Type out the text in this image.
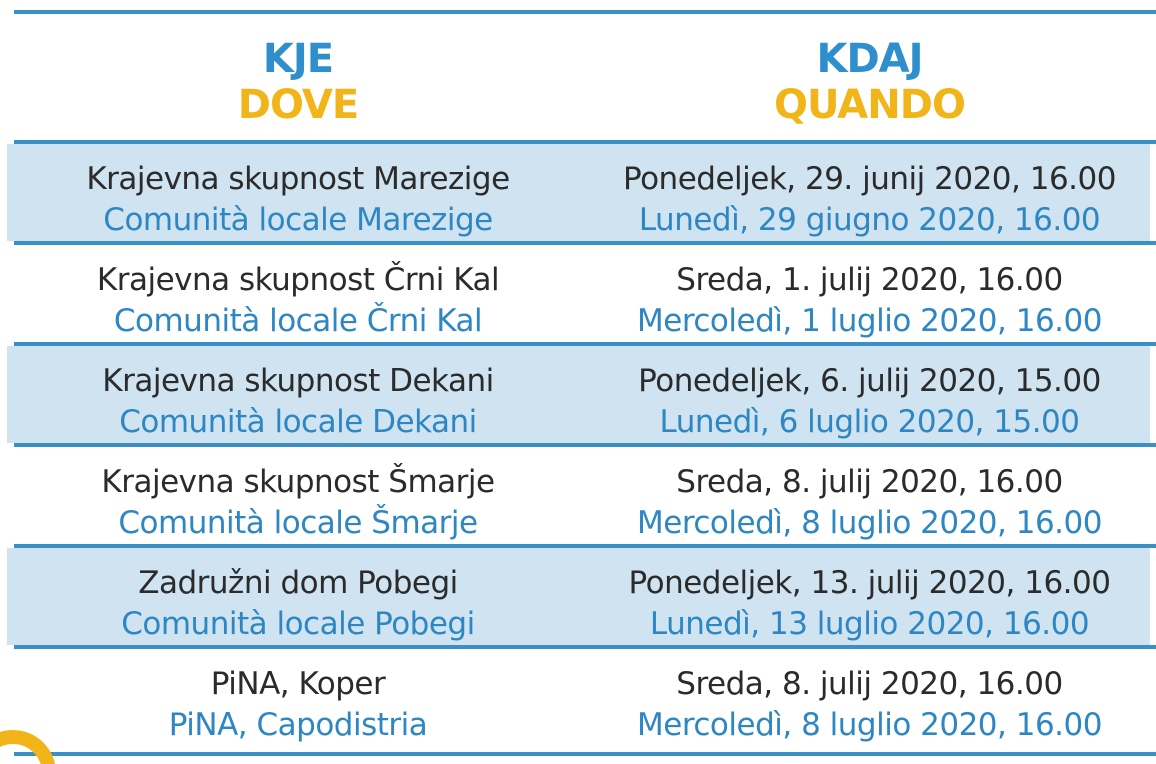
KJE
DOVE
KDAJ
QUANDO
Krajevna skupnost Marezige
Comunità locale Marezige
Ponedeljek, 29. junij 2020, 16.00
Lunedì, 29 giugno 2020, 16.00
Krajevna skupnost Črni Kal
Comunità locale Črni Kal
Sreda, 1. julij 2020, 16.00
Mercoledì, 1 luglio 2020, 16.00
Krajevna skupnost Dekani
Comunità locale Dekani
Ponedeljek, 6. julij 2020, 15.00
Lunedì, 6 luglio 2020, 15.00
Krajevna skupnost Šmarje
Comunità locale Šmarje
Sreda, 8. julij 2020, 16.00
Mercoledì, 8 luglio 2020, 16.00
Zadružni dom Pobegi
Comunità locale Pobegi
Ponedeljek, 13. julij 2020, 16.00
Lunedì, 13 luglio 2020, 16.00
PiNA, Koper
PiNA, Capodistria
Sreda, 8. julij 2020, 16.00
Mercoledì, 8 luglio 2020, 16.00
